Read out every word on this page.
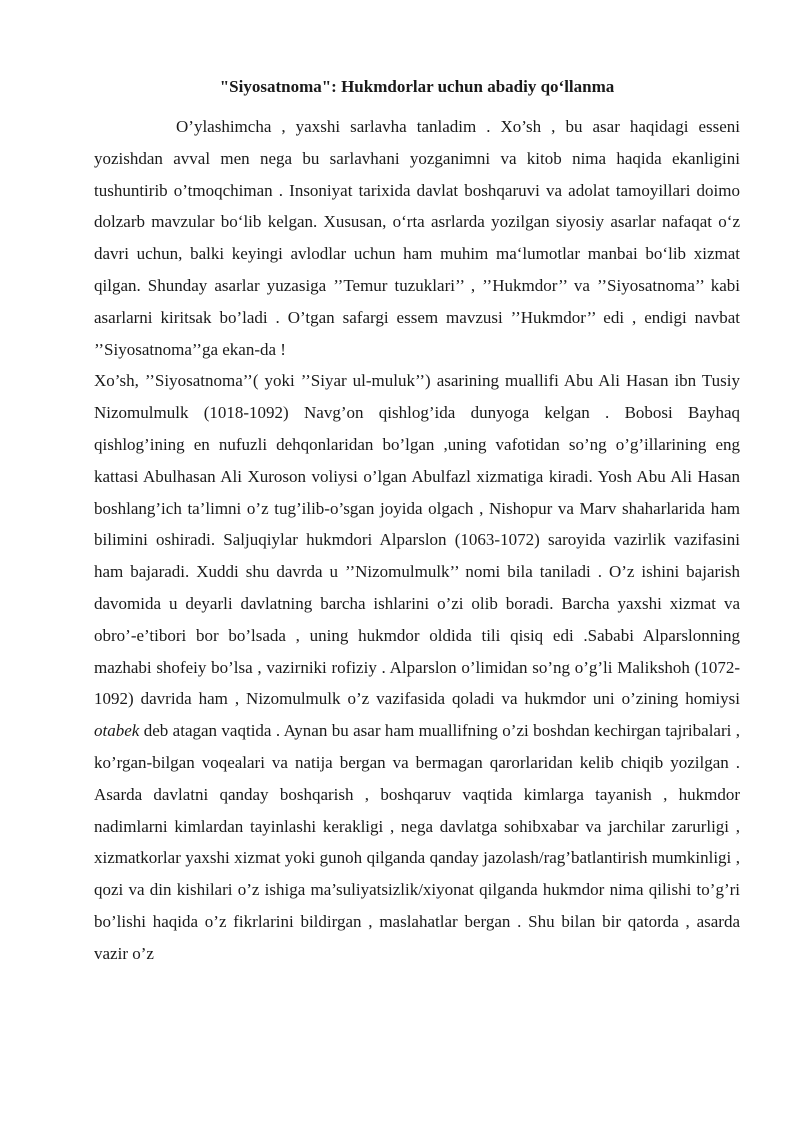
"Siyosatnoma": Hukmdorlar uchun abadiy qo‘llanma

O’ylashimcha , yaxshi sarlavha tanladim . Xo’sh , bu asar haqidagi esseni yozishdan avval men nega bu sarlavhani yozganimni va kitob nima haqida ekanligini tushuntirib o’tmoqchiman . Insoniyat tarixida davlat boshqaruvi va adolat tamoyillari doimo dolzarb mavzular bo‘lib kelgan. Xususan, o‘rta asrlarda yozilgan siyosiy asarlar nafaqat o‘z davri uchun, balki keyingi avlodlar uchun ham muhim ma‘lumotlar manbai bo‘lib xizmat qilgan. Shunday asarlar yuzasiga ’’Temur tuzuklari’’ , ’’Hukmdor’’ va ’’Siyosatnoma’’ kabi asarlarni kiritsak bo’ladi . O’tgan safargi essem mavzusi ’’Hukmdor’’ edi , endigi navbat ’’Siyosatnoma’’ga ekan-da !

Xo’sh, ’’Siyosatnoma’’( yoki ’’Siyar ul-muluk’’) asarining muallifi Abu Ali Hasan ibn Tusiy Nizomulmulk (1018-1092) Navg’on qishlog’ida dunyoga kelgan . Bobosi Bayhaq qishlog’ining en nufuzli dehqonlaridan bo’lgan ,uning vafotidan so’ng o’g’illarining eng kattasi Abulhasan Ali Xuroson voliysi o’lgan Abulfazl xizmatiga kiradi. Yosh Abu Ali Hasan boshlang’ich ta’limni o’z tug’ilib-o’sgan joyida olgach , Nishopur va Marv shaharlarida ham bilimini oshiradi. Saljuqiylar hukmdori Alparslon (1063-1072) saroyida vazirlik vazifasini ham bajaradi. Xuddi shu davrda u ’’Nizomulmulk’’ nomi bila taniladi . O’z ishini bajarish davomida u deyarli davlatning barcha ishlarini o’zi olib boradi. Barcha yaxshi xizmat va obro’-e’tibori bor bo’lsada , uning hukmdor oldida tili qisiq edi .Sababi Alparslonning mazhabi shofeiy bo’lsa , vazirniki rofiziy . Alparslon o’limidan so’ng o’g’li Malikshoh (1072-1092) davrida ham , Nizomulmulk o’z vazifasida qoladi va hukmdor uni o’zining homiysi otabek deb atagan vaqtida . Aynan bu asar ham muallifning o’zi boshdan kechirgan tajribalari , ko’rgan-bilgan voqealari va natija bergan va bermagan qarorlaridan kelib chiqib yozilgan . Asarda davlatni qanday boshqarish , boshqaruv vaqtida kimlarga tayanish , hukmdor nadimlarni kimlardan tayinlashi kerakligi , nega davlatga sohibxabar va jarchilar zarurligi , xizmatkorlar yaxshi xizmat yoki gunoh qilganda qanday jazolash/rag’batlantirish mumkinligi , qozi va din kishilari o’z ishiga ma’suliyatsizlik/xiyonat qilganda hukmdor nima qilishi to’g’ri bo’lishi haqida o’z fikrlarini bildirgan , maslahatlar bergan . Shu bilan bir qatorda , asarda vazir o’z
